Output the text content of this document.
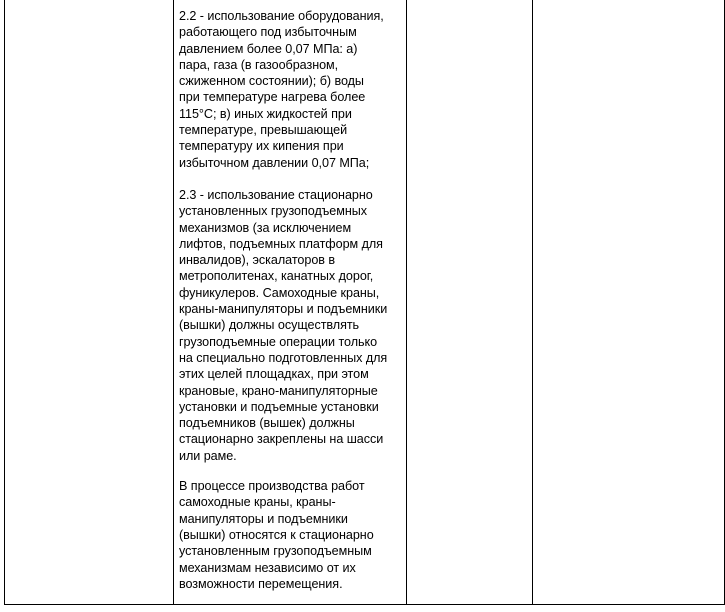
2.2 - использование оборудования,
работающего под избыточным
давлением более 0,07 МПа: а)
пара, газа (в газообразном,
сжиженном состоянии); б) воды
при температуре нагрева более
115°С; в) иных жидкостей при
температуре, превышающей
температуру их кипения при
избыточном давлении 0,07 МПа;

2.3 - использование стационарно
установленных грузоподъемных
механизмов (за исключением
лифтов, подъемных платформ для
инвалидов), эскалаторов в
метрополитенах, канатных дорог,
фуникулеров. Самоходные краны,
краны-манипуляторы и подъемники
(вышки) должны осуществлять
грузоподъемные операции только
на специально подготовленных для
этих целей площадках, при этом
крановые, крано-манипуляторные
установки и подъемные установки
подъемников (вышек) должны
стационарно закреплены на шасси
или раме.

В процессе производства работ
самоходные краны, краны-
манипуляторы и подъемники
(вышки) относятся к стационарно
установленным грузоподъемным
механизмам независимо от их
возможности перемещения.
